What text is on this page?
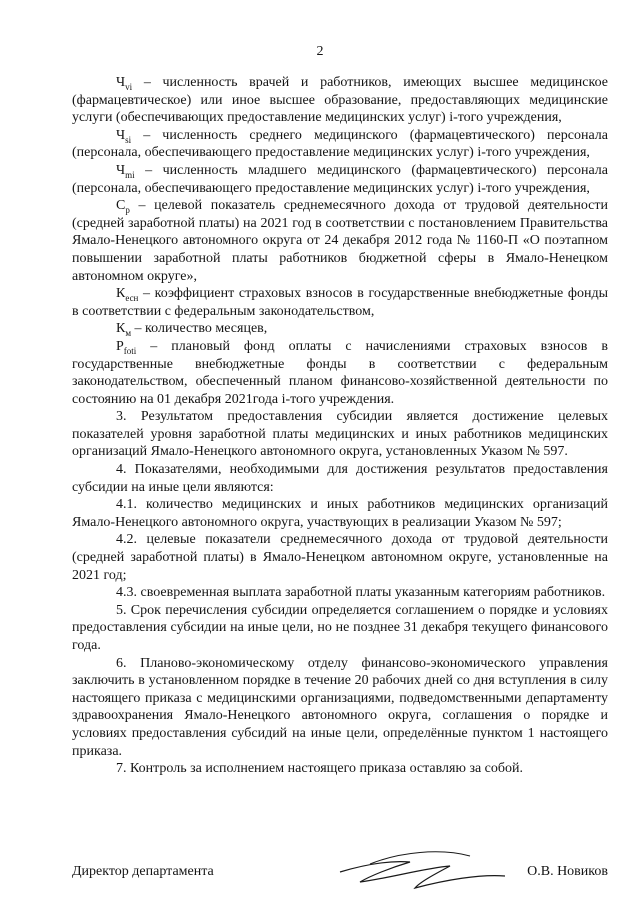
2

$Ч_{vi}$ – численность врачей и работников, имеющих высшее медицинское (фармацевтическое) или иное высшее образование, предоставляющих медицинские услуги (обеспечивающих предоставление медицинских услуг) i-того учреждения,

$Ч_{si}$ – численность среднего медицинского (фармацевтического) персонала (персонала, обеспечивающего предоставление медицинских услуг) i-того учреждения,

$Ч_{mi}$ – численность младшего медицинского (фармацевтического) персонала (персонала, обеспечивающего предоставление медицинских услуг) i-того учреждения,

$С_р$ – целевой показатель среднемесячного дохода от трудовой деятельности (средней заработной платы) на 2021 год в соответствии с постановлением Правительства Ямало-Ненецкого автономного округа от 24 декабря 2012 года № 1160-П «О поэтапном повышении заработной платы работников бюджетной сферы в Ямало-Ненецком автономном округе»,

$К_{есн}$ – коэффициент страховых взносов в государственные внебюджетные фонды в соответствии с федеральным законодательством,

$К_м$ – количество месяцев,

$Р_{foti}$ – плановый фонд оплаты с начислениями страховых взносов в государственные внебюджетные фонды в соответствии с федеральным законодательством, обеспеченный планом финансово-хозяйственной деятельности по состоянию на 01 декабря 2021года i-того учреждения.

3. Результатом предоставления субсидии является достижение целевых показателей уровня заработной платы медицинских и иных работников медицинских организаций Ямало-Ненецкого автономного округа, установленных Указом № 597.

4. Показателями, необходимыми для достижения результатов предоставления субсидии на иные цели являются:

4.1. количество медицинских и иных работников медицинских организаций Ямало-Ненецкого автономного округа, участвующих в реализации Указом № 597;

4.2. целевые показатели среднемесячного дохода от трудовой деятельности (средней заработной платы) в Ямало-Ненецком автономном округе, установленные на 2021 год;

4.3. своевременная выплата заработной платы указанным категориям работников.

5. Срок перечисления субсидии определяется соглашением о порядке и условиях предоставления субсидии на иные цели, но не позднее 31 декабря текущего финансового года.

6. Планово-экономическому отделу финансово-экономического управления заключить в установленном порядке в течение 20 рабочих дней со дня вступления в силу настоящего приказа с медицинскими организациями, подведомственными департаменту здравоохранения Ямало-Ненецкого автономного округа, соглашения о порядке и условиях предоставления субсидий на иные цели, определённые пунктом 1 настоящего приказа.

7. Контроль за исполнением настоящего приказа оставляю за собой.

Директор департамента	О.В. Новиков
